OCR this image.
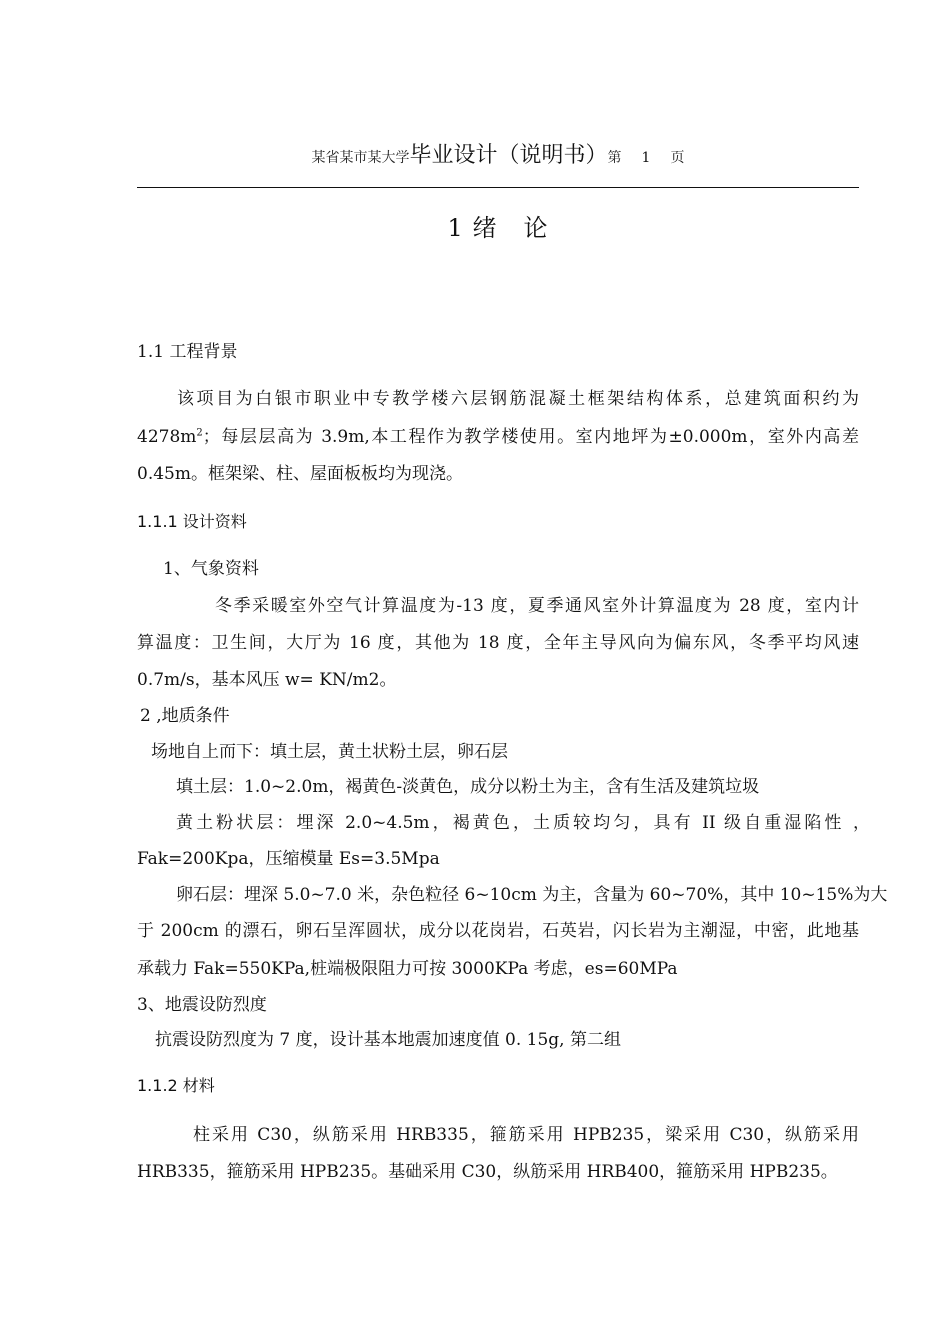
某省某市某大学毕业设计（说明书）第 1 页
1 绪 论
1.1 工程背景
该项目为白银市职业中专教学楼六层钢筋混凝土框架结构体系，总建筑面积约为
$4278m^2$；每层层高为 3.9m,本工程作为教学楼使用。室内地坪为±0.000m，室外内高差
0.45m。框架梁、柱、屋面板板均为现浇。
1.1.1 设计资料
1、气象资料
冬季采暖室外空气计算温度为-13 度，夏季通风室外计算温度为 28 度，室内计
算温度：卫生间，大厅为 16 度，其他为 18 度，全年主导风向为偏东风，冬季平均风速
0.7m/s，基本风压 w= KN/m2。
2 ,地质条件
场地自上而下：填土层，黄土状粉土层，卵石层
填土层：1.0~2.0m，褐黄色-淡黄色，成分以粉土为主，含有生活及建筑垃圾
黄土粉状层：埋深 2.0~4.5m，褐黄色，土质较均匀，具有 II 级自重湿陷性 ，
Fak=200Kpa，压缩模量 Es=3.5Mpa
卵石层：埋深 5.0~7.0 米，杂色粒径 6~10cm 为主，含量为 60~70%，其中 10~15%为大
于 200cm 的漂石，卵石呈浑圆状，成分以花岗岩，石英岩，闪长岩为主潮湿，中密，此地基
承载力 Fak=550KPa,桩端极限阻力可按 3000KPa 考虑，es=60MPa
3、地震设防烈度
抗震设防烈度为 7 度，设计基本地震加速度值 0. 15g, 第二组
1.1.2 材料
柱采用 C30，纵筋采用 HRB335，箍筋采用 HPB235，梁采用 C30，纵筋采用
HRB335，箍筋采用 HPB235。基础采用 C30，纵筋采用 HRB400，箍筋采用 HPB235。
